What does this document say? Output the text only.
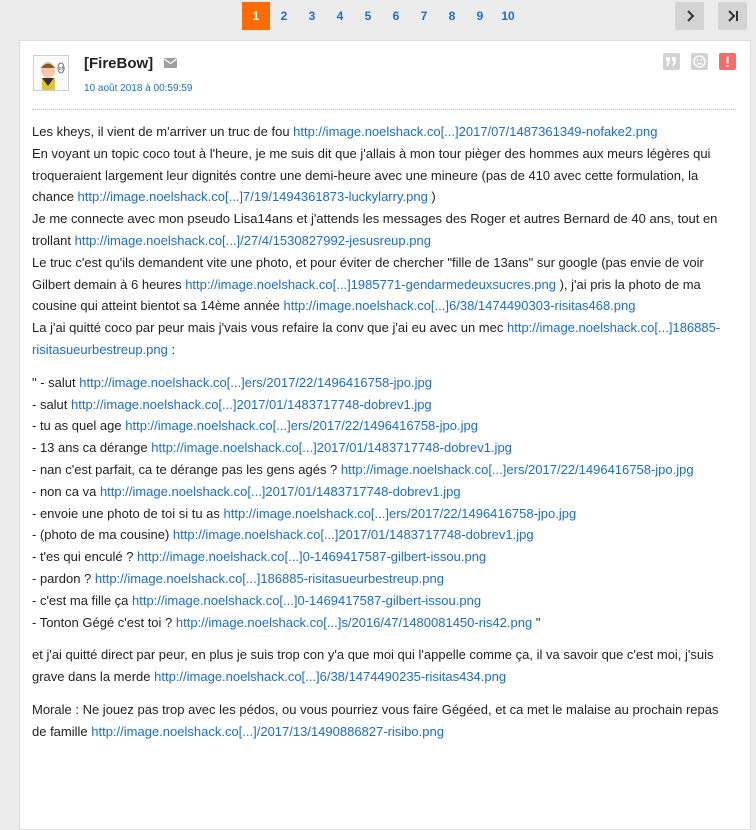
1	2	3	4	5	6	7	8	9	10
oh [FireBow]
10 août 2018 à 00:59:59

Les kheys, il vient de m'arriver un truc de fou http://image.noelshack.co[...]2017/07/1487361349-nofake2.png

En voyant un topic coco tout à l'heure, je me suis dit que j'allais à mon tour pièger des hommes aux meurs légères qui troqueraient largement leur dignités contre une demi-heure avec une mineure (pas de 410 avec cette formulation, la chance http://image.noelshack.co[...]7/19/1494361873-luckylarry.png )

Je me connecte avec mon pseudo Lisa14ans et j'attends les messages des Roger et autres Bernard de 40 ans, tout en trollant http://image.noelshack.co[...]/27/4/1530827992-jesusreup.png

Le truc c'est qu'ils demandent vite une photo, et pour éviter de chercher "fille de 13ans" sur google (pas envie de voir Gilbert demain à 6 heures http://image.noelshack.co[...]1985771-gendarmedeuxsucres.png ), j'ai pris la photo de ma cousine qui atteint bientot sa 14ème année http://image.noelshack.co[...]6/38/1474490303-risitas468.png

La j'ai quitté coco par peur mais j'vais vous refaire la conv que j'ai eu avec un mec http://image.noelshack.co[...]186885-risitasueurbestreup.png :

" - salut http://image.noelshack.co[...]ers/2017/22/1496416758-jpo.jpg

- salut http://image.noelshack.co[...]2017/01/1483717748-dobrev1.jpg

- tu as quel age http://image.noelshack.co[...]ers/2017/22/1496416758-jpo.jpg

- 13 ans ca dérange http://image.noelshack.co[...]2017/01/1483717748-dobrev1.jpg

- nan c'est parfait, ca te dérange pas les gens agés ? http://image.noelshack.co[...]ers/2017/22/1496416758-jpo.jpg

- non ca va http://image.noelshack.co[...]2017/01/1483717748-dobrev1.jpg

- envoie une photo de toi si tu as http://image.noelshack.co[...]ers/2017/22/1496416758-jpo.jpg

- (photo de ma cousine) http://image.noelshack.co[...]2017/01/1483717748-dobrev1.jpg

- t'es qui enculé ? http://image.noelshack.co[...]0-1469417587-gilbert-issou.png

- pardon ? http://image.noelshack.co[...]186885-risitasueurbestreup.png

- c'est ma fille ça http://image.noelshack.co[...]0-1469417587-gilbert-issou.png

- Tonton Gégé c'est toi ? http://image.noelshack.co[...]s/2016/47/1480081450-ris42.png "

et j'ai quitté direct par peur, en plus je suis trop con y'a que moi qui l'appelle comme ça, il va savoir que c'est moi, j'suis grave dans la merde http://image.noelshack.co[...]6/38/1474490235-risitas434.png

Morale : Ne jouez pas trop avec les pédos, ou vous pourriez vous faire Gégéed, et ca met le malaise au prochain repas de famille http://image.noelshack.co[...]/2017/13/1490886827-risibo.png
